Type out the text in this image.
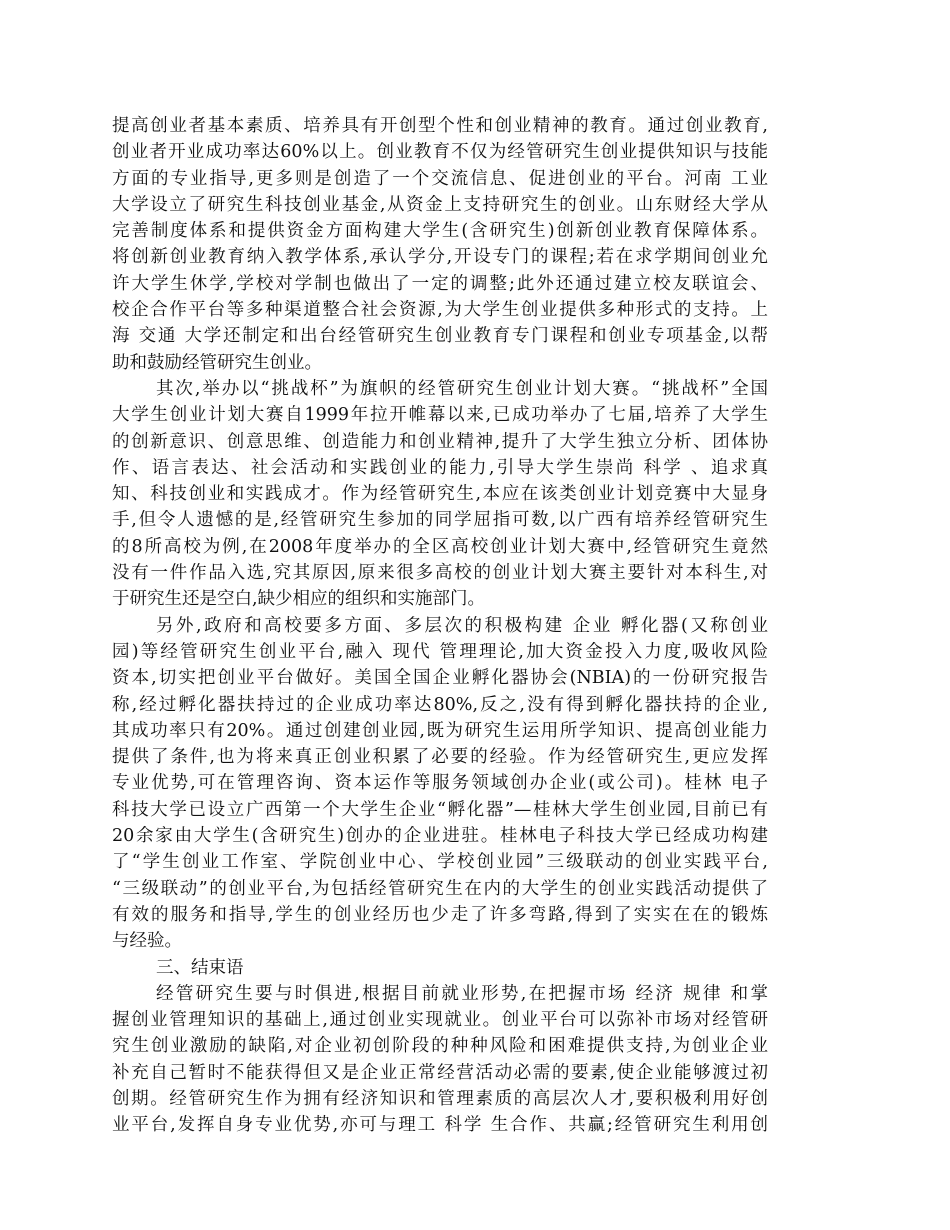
提高创业者基本素质、培养具有开创型个性和创业精神的教育。通过创业教育,
创业者开业成功率达60%以上。创业教育不仅为经管研究生创业提供知识与技能
方面的专业指导,更多则是创造了一个交流信息、促进创业的平台。河南 工业
大学设立了研究生科技创业基金,从资金上支持研究生的创业。山东财经大学从
完善制度体系和提供资金方面构建大学生(含研究生)创新创业教育保障体系。
将创新创业教育纳入教学体系,承认学分,开设专门的课程;若在求学期间创业允
许大学生休学,学校对学制也做出了一定的调整;此外还通过建立校友联谊会、
校企合作平台等多种渠道整合社会资源,为大学生创业提供多种形式的支持。上
海 交通 大学还制定和出台经管研究生创业教育专门课程和创业专项基金,以帮
助和鼓励经管研究生创业。
其次,举办以“挑战杯”为旗帜的经管研究生创业计划大赛。“挑战杯”全国
大学生创业计划大赛自1999年拉开帷幕以来,已成功举办了七届,培养了大学生
的创新意识、创意思维、创造能力和创业精神,提升了大学生独立分析、团体协
作、语言表达、社会活动和实践创业的能力,引导大学生崇尚 科学 、追求真
知、科技创业和实践成才。作为经管研究生,本应在该类创业计划竞赛中大显身
手,但令人遗憾的是,经管研究生参加的同学屈指可数,以广西有培养经管研究生
的8所高校为例,在2008年度举办的全区高校创业计划大赛中,经管研究生竟然
没有一件作品入选,究其原因,原来很多高校的创业计划大赛主要针对本科生,对
于研究生还是空白,缺少相应的组织和实施部门。
另外,政府和高校要多方面、多层次的积极构建 企业 孵化器(又称创业
园)等经管研究生创业平台,融入 现代 管理理论,加大资金投入力度,吸收风险
资本,切实把创业平台做好。美国全国企业孵化器协会(NBIA)的一份研究报告
称,经过孵化器扶持过的企业成功率达80%,反之,没有得到孵化器扶持的企业,
其成功率只有20%。通过创建创业园,既为研究生运用所学知识、提高创业能力
提供了条件,也为将来真正创业积累了必要的经验。作为经管研究生,更应发挥
专业优势,可在管理咨询、资本运作等服务领域创办企业(或公司)。桂林 电子
科技大学已设立广西第一个大学生企业“孵化器”—桂林大学生创业园,目前已有
20余家由大学生(含研究生)创办的企业进驻。桂林电子科技大学已经成功构建
了“学生创业工作室、学院创业中心、学校创业园”三级联动的创业实践平台,
“三级联动”的创业平台,为包括经管研究生在内的大学生的创业实践活动提供了
有效的服务和指导,学生的创业经历也少走了许多弯路,得到了实实在在的锻炼
与经验。
三、结束语
经管研究生要与时俱进,根据目前就业形势,在把握市场 经济 规律 和掌
握创业管理知识的基础上,通过创业实现就业。创业平台可以弥补市场对经管研
究生创业激励的缺陷,对企业初创阶段的种种风险和困难提供支持,为创业企业
补充自己暂时不能获得但又是企业正常经营活动必需的要素,使企业能够渡过初
创期。经管研究生作为拥有经济知识和管理素质的高层次人才,要积极利用好创
业平台,发挥自身专业优势,亦可与理工 科学 生合作、共赢;经管研究生利用创
